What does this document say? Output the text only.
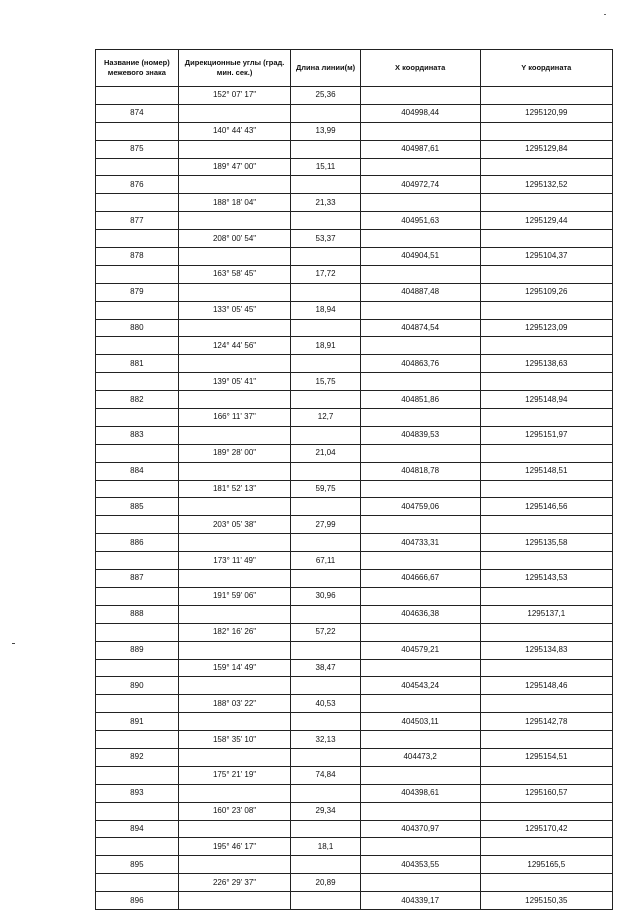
Название (номер) межевого знака	Дирекционные углы (град. мин. сек.)	Длина линии(м)	X координата	Y координата
	152° 07' 17"	25,36		
874			404998,44	1295120,99
	140° 44' 43"	13,99		
875			404987,61	1295129,84
	189° 47' 00"	15,11		
876			404972,74	1295132,52
	188° 18' 04"	21,33		
877			404951,63	1295129,44
	208° 00' 54"	53,37		
878			404904,51	1295104,37
	163° 58' 45"	17,72		
879			404887,48	1295109,26
	133° 05' 45"	18,94		
880			404874,54	1295123,09
	124° 44' 56"	18,91		
881			404863,76	1295138,63
	139° 05' 41"	15,75		
882			404851,86	1295148,94
	166° 11' 37"	12,7		
883			404839,53	1295151,97
	189° 28' 00"	21,04		
884			404818,78	1295148,51
	181° 52' 13"	59,75		
885			404759,06	1295146,56
	203° 05' 38"	27,99		
886			404733,31	1295135,58
	173° 11' 49"	67,11		
887			404666,67	1295143,53
	191° 59' 06"	30,96		
888			404636,38	1295137,1
	182° 16' 26"	57,22		
889			404579,21	1295134,83
	159° 14' 49"	38,47		
890			404543,24	1295148,46
	188° 03' 22"	40,53		
891			404503,11	1295142,78
	158° 35' 10"	32,13		
892			404473,2	1295154,51
	175° 21' 19"	74,84		
893			404398,61	1295160,57
	160° 23' 08"	29,34		
894			404370,97	1295170,42
	195° 46' 17"	18,1		
895			404353,55	1295165,5
	226° 29' 37"	20,89		
896			404339,17	1295150,35
